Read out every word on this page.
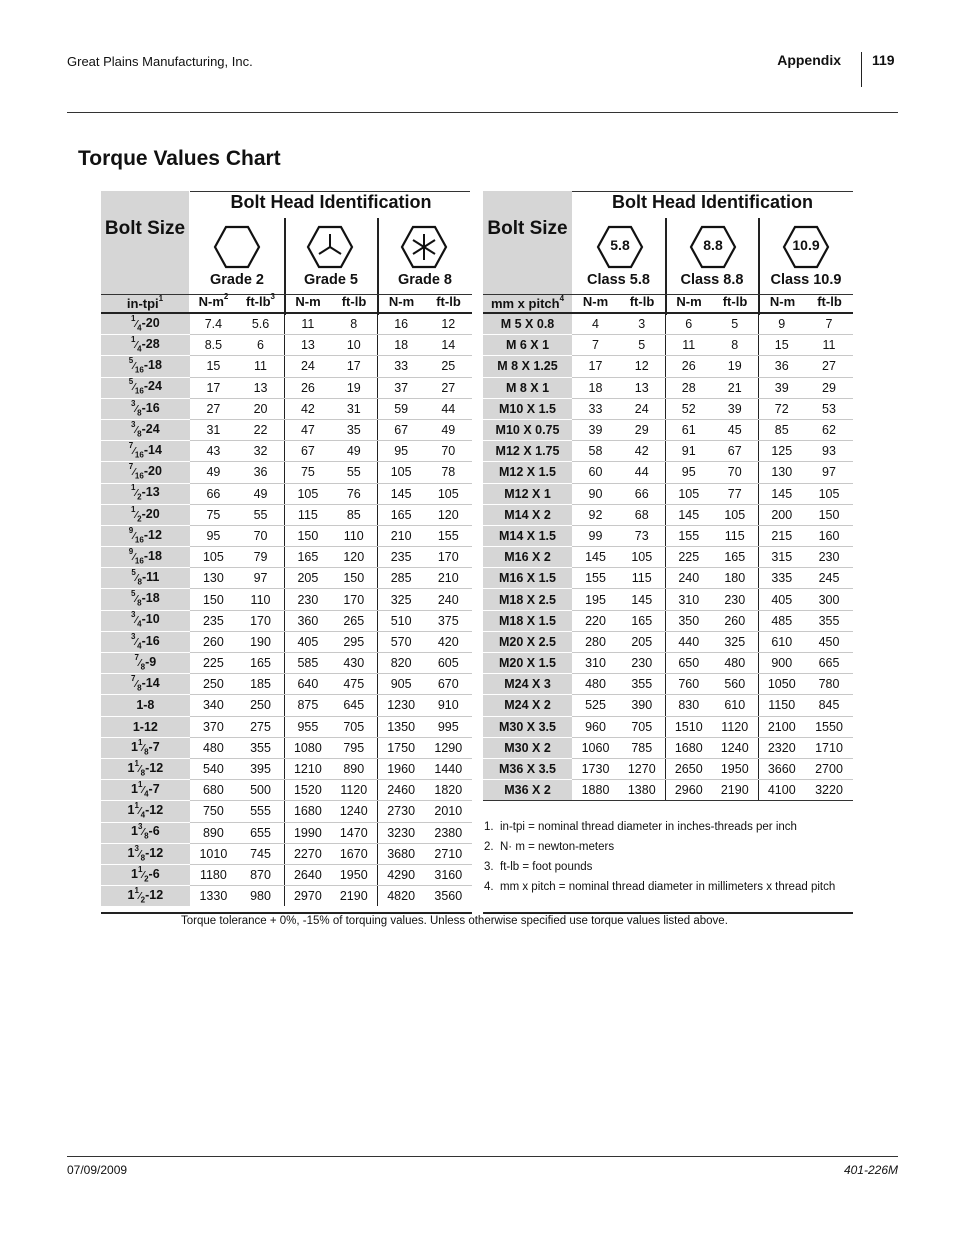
Great Plains Manufacturing, Inc.	Appendix 119
Torque Values Chart
Bolt Size
Bolt Head Identification
Grade 2	Grade 5	Grade 8
in-tpi$^1$	$N-m^2$	$ft-lb^3$	N-m	ft-lb	N-m	ft-lb
$^1⁄_4-20$	7.4	5.6	11	8	16	12
$^1⁄_4-28$	8.5	6	13	10	18	14
$^5⁄_{16}-18$	15	11	24	17	33	25
$^5⁄_{16}-24$	17	13	26	19	37	27
$^3⁄_8-16$	27	20	42	31	59	44
$^3⁄_8-24$	31	22	47	35	67	49
$^7⁄_{16}-14$	43	32	67	49	95	70
$^7⁄_{16}-20$	49	36	75	55	105	78
$^1⁄_2-13$	66	49	105	76	145	105
$^1⁄_2-20$	75	55	115	85	165	120
$^9⁄_{16}-12$	95	70	150	110	210	155
$^9⁄_{16}-18$	105	79	165	120	235	170
$^5⁄_8-11$	130	97	205	150	285	210
$^5⁄_8-18$	150	110	230	170	325	240
$^3⁄_4-10$	235	170	360	265	510	375
$^3⁄_4-16$	260	190	405	295	570	420
$^7⁄_8-9$	225	165	585	430	820	605
$^7⁄_8-14$	250	185	640	475	905	670
1-8	340	250	875	645	1230	910
1-12	370	275	955	705	1350	995
$1^1⁄_8-7$	480	355	1080	795	1750	1290
$1^1⁄_8-12$	540	395	1210	890	1960	1440
$1^1⁄_4-7$	680	500	1520	1120	2460	1820
$1^1⁄_4-12$	750	555	1680	1240	2730	2010
$1^3⁄_8-6$	890	655	1990	1470	3230	2380
$1^3⁄_8-12$	1010	745	2270	1670	3680	2710
$1^1⁄_2-6$	1180	870	2640	1950	4290	3160
$1^1⁄_2-12$	1330	980	2970	2190	4820	3560
Bolt Size
Bolt Head Identification
5.8	8.8	10.9
Class 5.8	Class 8.8	Class 10.9
mm x pitch$^4$	N-m	ft-lb	N-m	ft-lb	N-m	ft-lb
M 5 X 0.8	4	3	6	5	9	7
M 6 X 1	7	5	11	8	15	11
M 8 X 1.25	17	12	26	19	36	27
M 8 X 1	18	13	28	21	39	29
M10 X 1.5	33	24	52	39	72	53
M10 X 0.75	39	29	61	45	85	62
M12 X 1.75	58	42	91	67	125	93
M12 X 1.5	60	44	95	70	130	97
M12 X 1	90	66	105	77	145	105
M14 X 2	92	68	145	105	200	150
M14 X 1.5	99	73	155	115	215	160
M16 X 2	145	105	225	165	315	230
M16 X 1.5	155	115	240	180	335	245
M18 X 2.5	195	145	310	230	405	300
M18 X 1.5	220	165	350	260	485	355
M20 X 2.5	280	205	440	325	610	450
M20 X 1.5	310	230	650	480	900	665
M24 X 3	480	355	760	560	1050	780
M24 X 2	525	390	830	610	1150	845
M30 X 3.5	960	705	1510	1120	2100	1550
M30 X 2	1060	785	1680	1240	2320	1710
M36 X 3.5	1730	1270	2650	1950	3660	2700
M36 X 2	1880	1380	2960	2190	4100	3220
1. in-tpi = nominal thread diameter in inches-threads per inch
2. N· m = newton-meters
3. ft-lb = foot pounds
4. mm x pitch = nominal thread diameter in millimeters x thread pitch
Torque tolerance + 0%, -15% of torquing values. Unless otherwise specified use torque values listed above.
07/09/2009	401-226M
